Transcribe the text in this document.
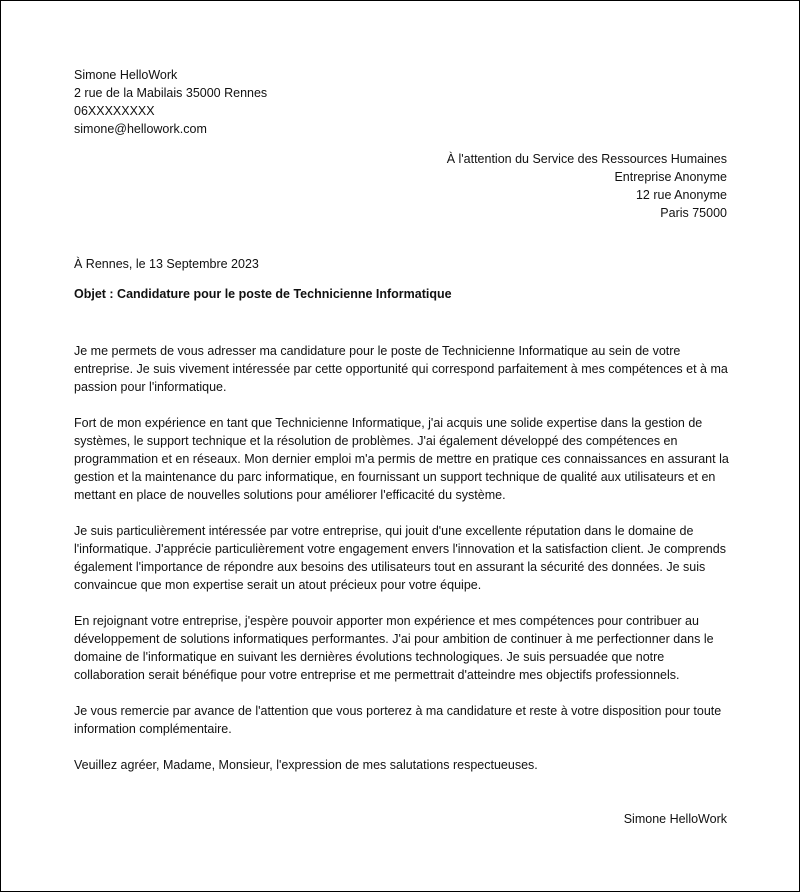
Simone HelloWork
2 rue de la Mabilais 35000 Rennes
06XXXXXXXX
simone@hellowork.com
À l'attention du Service des Ressources Humaines
Entreprise Anonyme
12 rue Anonyme
Paris 75000
À Rennes, le 13 Septembre 2023
Objet : Candidature pour le poste de Technicienne Informatique

Je me permets de vous adresser ma candidature pour le poste de Technicienne Informatique au sein de votre entreprise. Je suis vivement intéressée par cette opportunité qui correspond parfaitement à mes compétences et à ma passion pour l'informatique.

Fort de mon expérience en tant que Technicienne Informatique, j'ai acquis une solide expertise dans la gestion de systèmes, le support technique et la résolution de problèmes. J'ai également développé des compétences en programmation et en réseaux. Mon dernier emploi m'a permis de mettre en pratique ces connaissances en assurant la gestion et la maintenance du parc informatique, en fournissant un support technique de qualité aux utilisateurs et en mettant en place de nouvelles solutions pour améliorer l'efficacité du système.

Je suis particulièrement intéressée par votre entreprise, qui jouit d'une excellente réputation dans le domaine de l'informatique. J'apprécie particulièrement votre engagement envers l'innovation et la satisfaction client. Je comprends également l'importance de répondre aux besoins des utilisateurs tout en assurant la sécurité des données. Je suis convaincue que mon expertise serait un atout précieux pour votre équipe.

En rejoignant votre entreprise, j'espère pouvoir apporter mon expérience et mes compétences pour contribuer au développement de solutions informatiques performantes. J'ai pour ambition de continuer à me perfectionner dans le domaine de l'informatique en suivant les dernières évolutions technologiques. Je suis persuadée que notre collaboration serait bénéfique pour votre entreprise et me permettrait d'atteindre mes objectifs professionnels.

Je vous remercie par avance de l'attention que vous porterez à ma candidature et reste à votre disposition pour toute information complémentaire.

Veuillez agréer, Madame, Monsieur, l'expression de mes salutations respectueuses.

Simone HelloWork
